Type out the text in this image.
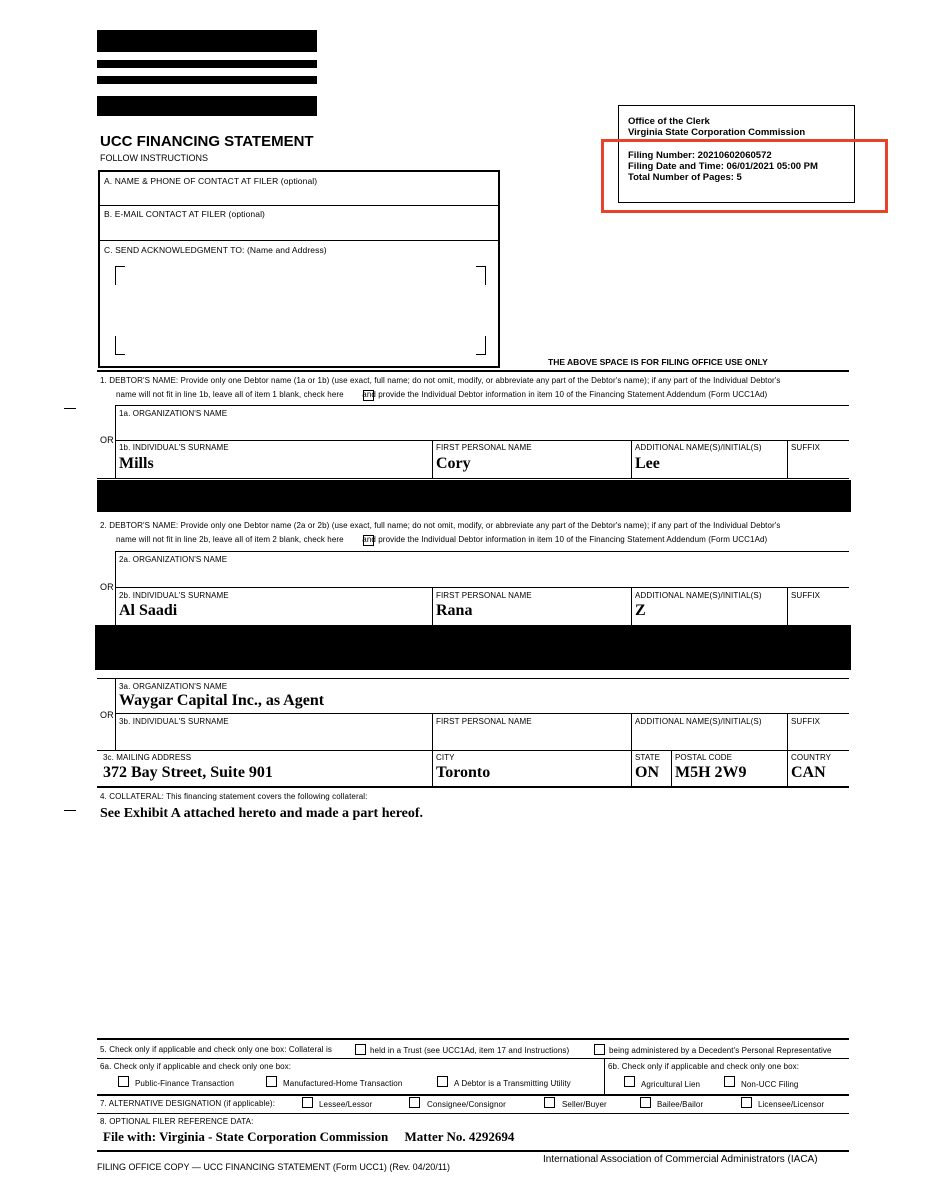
UCC FINANCING STATEMENT
FOLLOW INSTRUCTIONS
A. NAME & PHONE OF CONTACT AT FILER (optional)
B. E-MAIL CONTACT AT FILER (optional)
C. SEND ACKNOWLEDGMENT TO: (Name and Address)
Office of the Clerk
Virginia State Corporation Commission
Filing Number: 20210602060572
Filing Date and Time: 06/01/2021 05:00 PM
Total Number of Pages: 5
THE ABOVE SPACE IS FOR FILING OFFICE USE ONLY
1. DEBTOR'S NAME: Provide only one Debtor name (1a or 1b) (use exact, full name; do not omit, modify, or abbreviate any part of the Debtor's name); if any part of the Individual Debtor's
name will not fit in line 1b, leave all of item 1 blank, check here        and provide the Individual Debtor information in item 10 of the Financing Statement Addendum (Form UCC1Ad)
1a. ORGANIZATION'S NAME
OR
1b. INDIVIDUAL'S SURNAME
Mills
FIRST PERSONAL NAME
Cory
ADDITIONAL NAME(S)/INITIAL(S)
Lee
SUFFIX
2. DEBTOR'S NAME: Provide only one Debtor name (2a or 2b) (use exact, full name; do not omit, modify, or abbreviate any part of the Debtor's name); if any part of the Individual Debtor's
name will not fit in line 2b, leave all of item 2 blank, check here        and provide the Individual Debtor information in item 10 of the Financing Statement Addendum (Form UCC1Ad)
2a. ORGANIZATION'S NAME
OR
2b. INDIVIDUAL'S SURNAME
Al Saadi
FIRST PERSONAL NAME
Rana
ADDITIONAL NAME(S)/INITIAL(S)
Z
SUFFIX
3a. ORGANIZATION'S NAME
Waygar Capital Inc., as Agent
OR
3b. INDIVIDUAL'S SURNAME	FIRST PERSONAL NAME	ADDITIONAL NAME(S)/INITIAL(S)	SUFFIX
3c. MAILING ADDRESS
372 Bay Street, Suite 901
CITY
Toronto
STATE
ON
POSTAL CODE
M5H 2W9
COUNTRY
CAN
4. COLLATERAL: This financing statement covers the following collateral:
See Exhibit A attached hereto and made a part hereof.
5. Check only if applicable and check only one box: Collateral is	held in a Trust (see UCC1Ad, item 17 and Instructions)	being administered by a Decedent's Personal Representative
6a. Check only if applicable and check only one box:
Public-Finance Transaction	Manufactured-Home Transaction	A Debtor is a Transmitting Utility
6b. Check only if applicable and check only one box:
Agricultural Lien	Non-UCC Filing
7. ALTERNATIVE DESIGNATION (if applicable):	Lessee/Lessor	Consignee/Consignor	Seller/Buyer	Bailee/Bailor	Licensee/Licensor
8. OPTIONAL FILER REFERENCE DATA:
File with: Virginia - State Corporation Commission     Matter No. 4292694
FILING OFFICE COPY — UCC FINANCING STATEMENT (Form UCC1) (Rev. 04/20/11)
International Association of Commercial Administrators (IACA)
